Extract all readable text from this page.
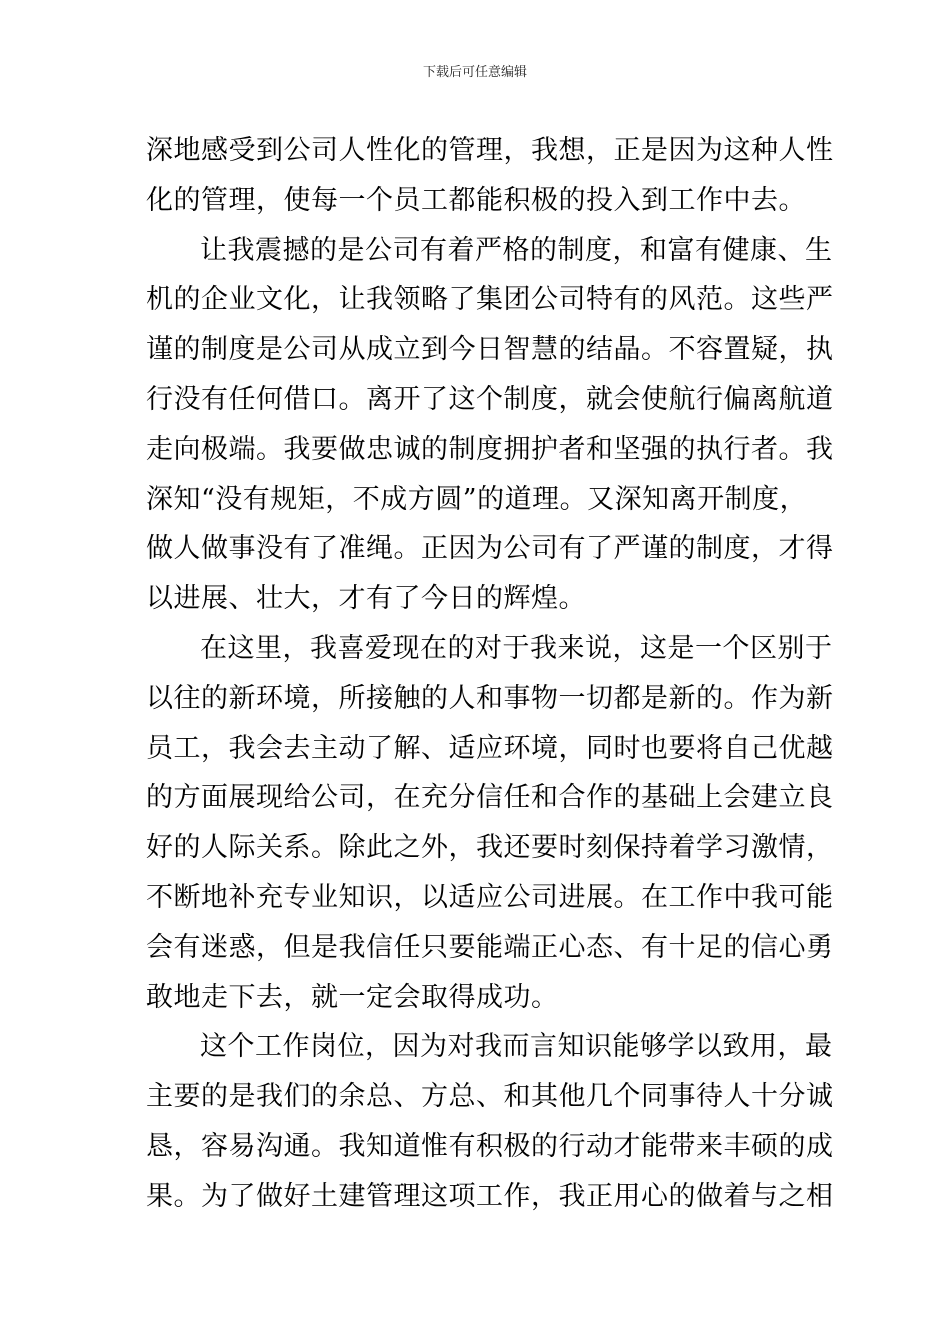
下载后可任意编辑
深地感受到公司人性化的管理，我想，正是因为这种人性
化的管理，使每一个员工都能积极的投入到工作中去。
让我震撼的是公司有着严格的制度，和富有健康、生
机的企业文化，让我领略了集团公司特有的风范。这些严
谨的制度是公司从成立到今日智慧的结晶。不容置疑，执
行没有任何借口。离开了这个制度，就会使航行偏离航道
走向极端。我要做忠诚的制度拥护者和坚强的执行者。我
深知“没有规矩，不成方圆”的道理。又深知离开制度，
做人做事没有了准绳。正因为公司有了严谨的制度，才得
以进展、壮大，才有了今日的辉煌。
在这里，我喜爱现在的对于我来说，这是一个区别于
以往的新环境，所接触的人和事物一切都是新的。作为新
员工，我会去主动了解、适应环境，同时也要将自己优越
的方面展现给公司，在充分信任和合作的基础上会建立良
好的人际关系。除此之外，我还要时刻保持着学习激情，
不断地补充专业知识，以适应公司进展。在工作中我可能
会有迷惑，但是我信任只要能端正心态、有十足的信心勇
敢地走下去，就一定会取得成功。
这个工作岗位，因为对我而言知识能够学以致用，最
主要的是我们的余总、方总、和其他几个同事待人十分诚
恳，容易沟通。我知道惟有积极的行动才能带来丰硕的成
果。为了做好土建管理这项工作，我正用心的做着与之相
